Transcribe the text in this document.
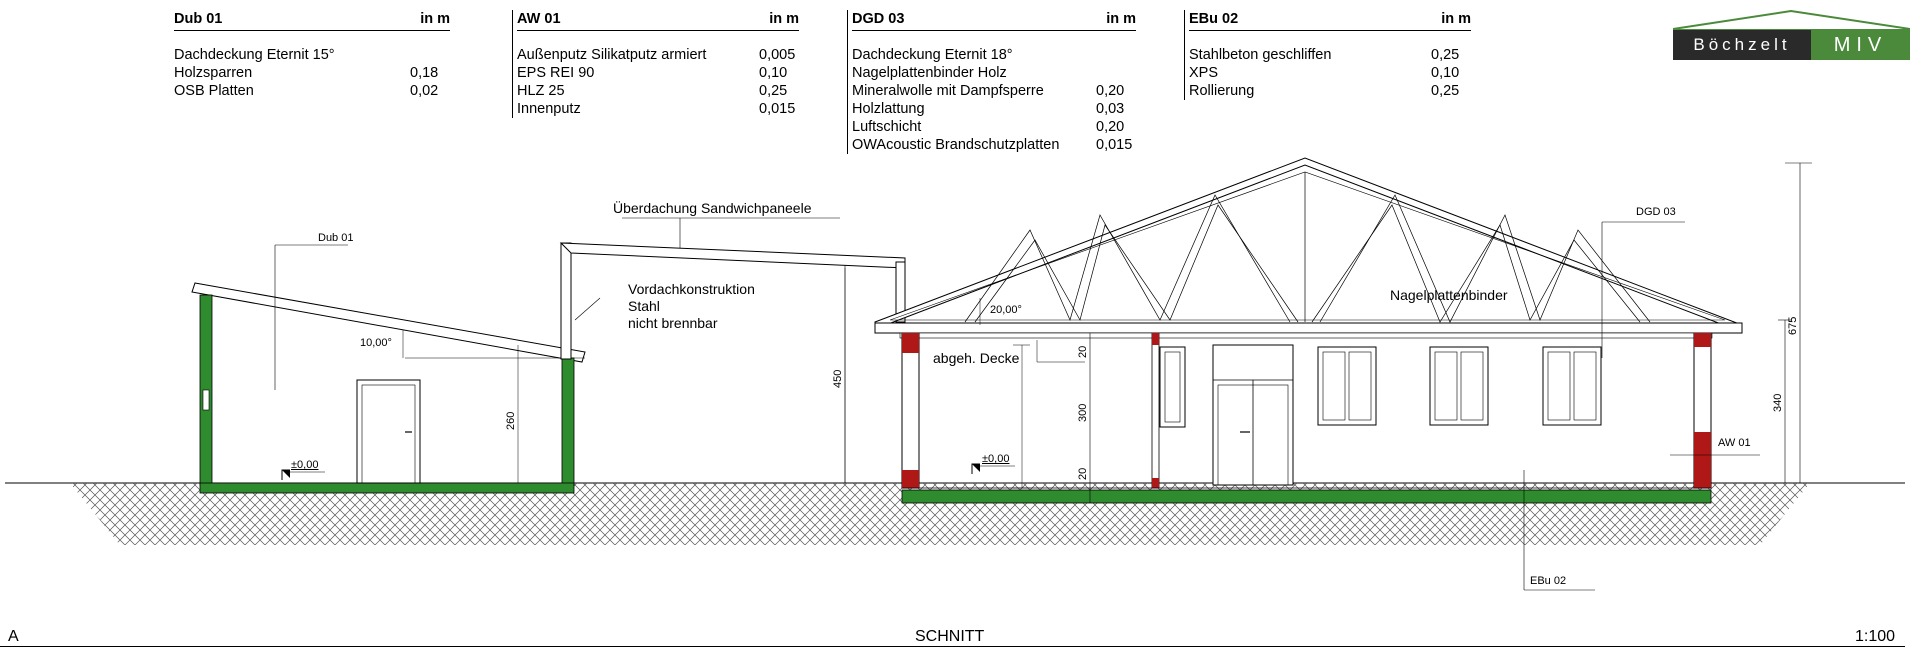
Dub 01	in m
Dachdeckung Eternit 15°
Holzsparren	0,18
OSB Platten	0,02
AW 01	in m
Außenputz Silikatputz armiert	0,005
EPS REI 90	0,10
HLZ 25	0,25
Innenputz	0,015
DGD 03	in m
Dachdeckung Eternit 18°
Nagelplattenbinder Holz
Mineralwolle mit Dampfsperre	0,20
Holzlattung	0,03
Luftschicht	0,20
OWAcoustic Brandschutzplatten	0,015
EBu 02	in m
Stahlbeton geschliffen	0,25
XPS	0,10
Rollierung	0,25
Böchzelt	MIV
Überdachung Sandwichpaneele
Vordachkonstruktion
Stahl
nicht brennbar
Dub 01
DGD 03
Nagelplattenbinder
abgeh. Decke
AW 01
EBu 02
10,00°
20,00°
±0,00	±0,00
260
450
20
300
20
340
675
A	SCHNITT	1:100
